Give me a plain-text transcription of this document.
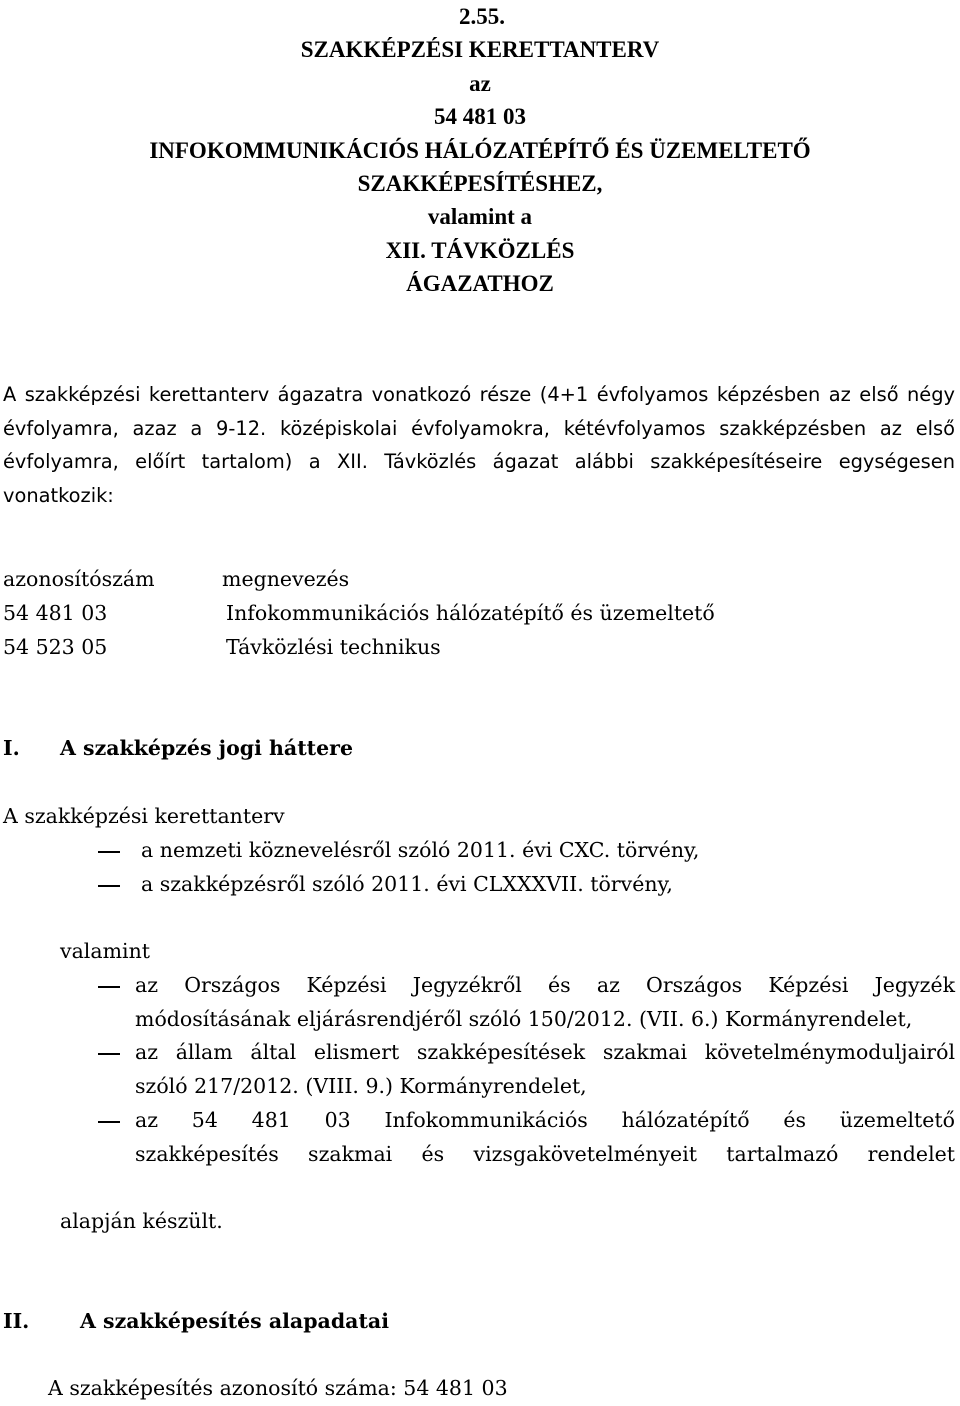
2.55.
SZAKKÉPZÉSI KERETTANTERV
az
54 481 03
INFOKOMMUNIKÁCIÓS HÁLÓZATÉPÍTŐ ÉS ÜZEMELTETŐ
SZAKKÉPESÍTÉSHEZ,
valamint a
XII. TÁVKÖZLÉS
ÁGAZATHOZ

A szakképzési kerettanterv ágazatra vonatkozó része (4+1 évfolyamos képzésben az első négy évfolyamra, azaz a 9-12. középiskolai évfolyamokra, kétévfolyamos szakképzésben az első évfolyamra, előírt tartalom) a XII. Távközlés ágazat alábbi szakképesítéseire egységesen vonatkozik:

azonosítószám	megnevezés
54 481 03	Infokommunikációs hálózatépítő és üzemeltető
54 523 05	Távközlési technikus
I. A szakképzés jogi háttere
A szakképzési kerettanterv
a nemzeti köznevelésről szóló 2011. évi CXC. törvény,
a szakképzésről szóló 2011. évi CLXXXVII. törvény,
valamint
az Országos Képzési Jegyzékről és az Országos Képzési Jegyzék
módosításának eljárásrendjéről szóló 150/2012. (VII. 6.) Kormányrendelet,
az állam által elismert szakképesítések szakmai követelménymoduljairól
szóló 217/2012. (VIII. 9.) Kormányrendelet,
az 54 481 03 Infokommunikációs hálózatépítő és üzemeltető
szakképesítés szakmai és vizsgakövetelményeit tartalmazó rendelet
alapján készült.
II. A szakképesítés alapadatai
A szakképesítés azonosító száma: 54 481 03
